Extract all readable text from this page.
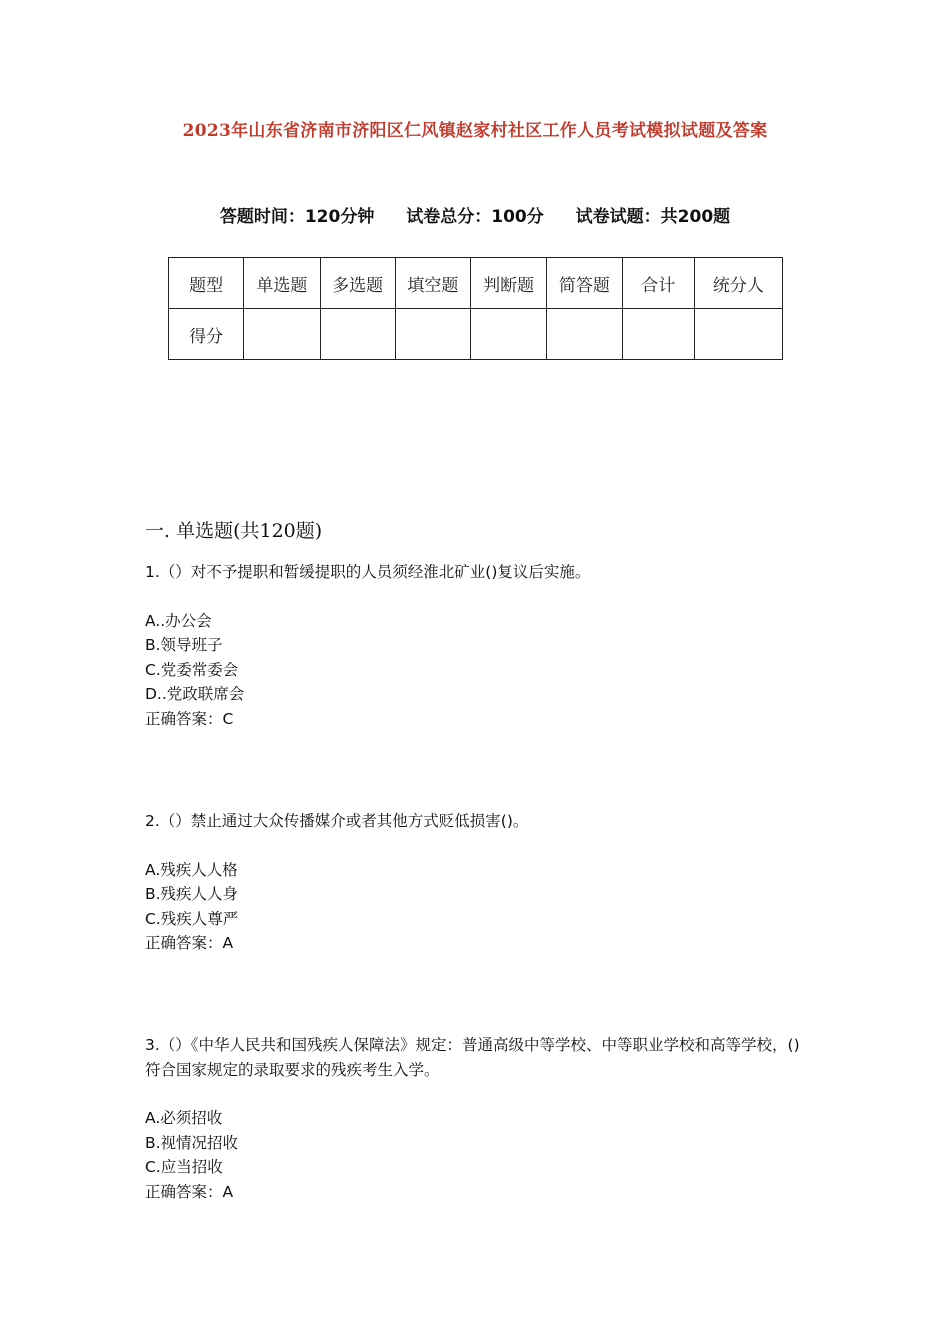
2023年山东省济南市济阳区仁风镇赵家村社区工作人员考试模拟试题及答案
答题时间：120分钟 试卷总分：100分 试卷试题：共200题
题型	单选题	多选题	填空题	判断题	简答题	合计	统分人
得分							
一. 单选题(共120题)

1.（）对不予提职和暂缓提职的人员须经淮北矿业()复议后实施。

A..办公会

B.领导班子

C.党委常委会

D..党政联席会

正确答案：C

2.（）禁止通过大众传播媒介或者其他方式贬低损害()。

A.残疾人人格

B.残疾人人身

C.残疾人尊严

正确答案：A

3.（）《中华人民共和国残疾人保障法》规定：普通高级中等学校、中等职业学校和高等学校，()符合国家规定的录取要求的残疾考生入学。

A.必须招收

B.视情况招收

C.应当招收

正确答案：A
